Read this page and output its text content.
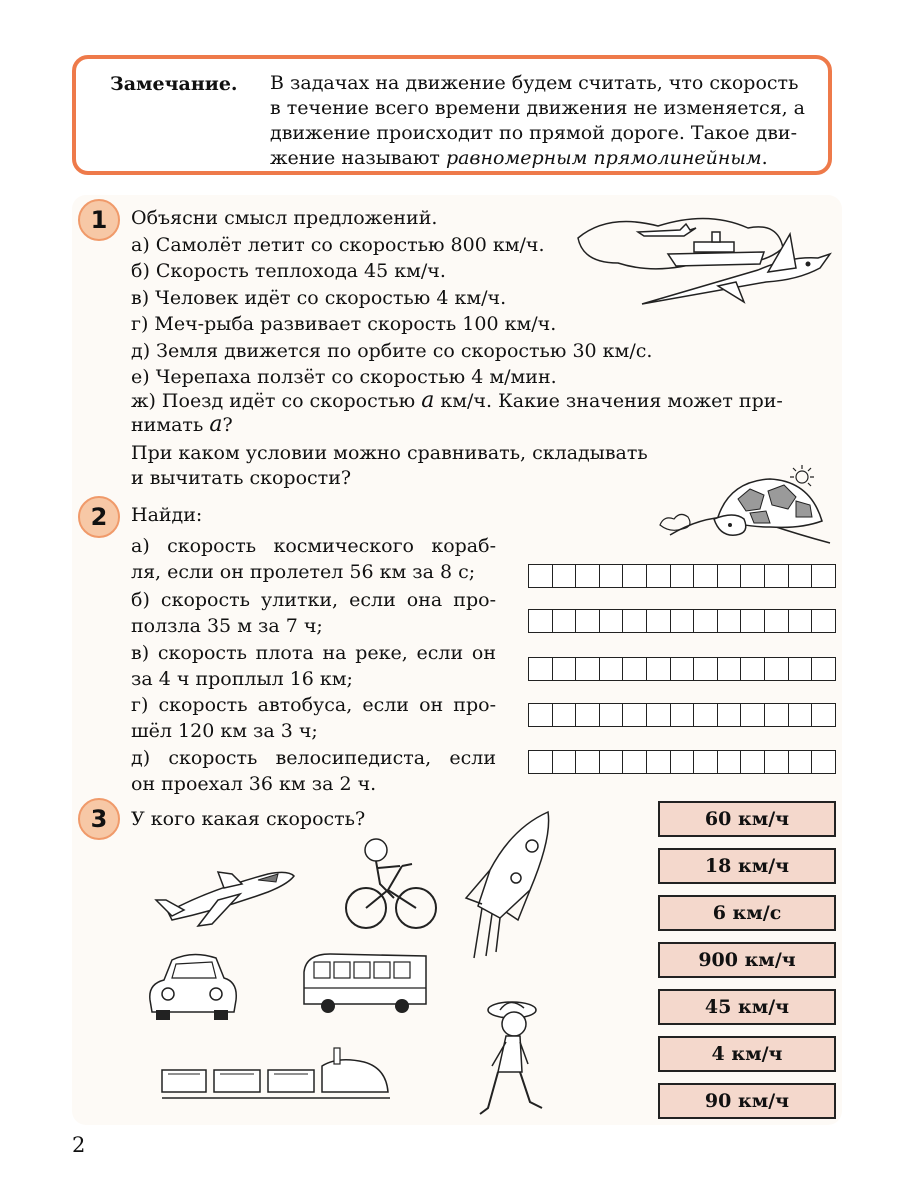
Замечание. В задачах на движение будем считать, что скорость
в течение всего времени движения не изменяется, а
движение происходит по прямой дороге. Такое дви-
жение называют равномерным прямолинейным.
1	Объясни смысл предложений.
а) Самолёт летит со скоростью 800 км/ч.
б) Скорость теплохода 45 км/ч.
в) Человек идёт со скоростью 4 км/ч.
г) Меч-рыба развивает скорость 100 км/ч.
д) Земля движется по орбите со скоростью 30 км/с.
е) Черепаха ползёт со скоростью 4 м/мин.
ж) Поезд идёт со скоростью a км/ч. Какие значения может при-
нимать a?
При каком условии можно сравнивать, складывать
и вычитать скорости?
2	Найди:
а) скорость космического кораб-
ля, если он пролетел 56 км за 8 с;
б) скорость улитки, если она про-
ползла 35 м за 7 ч;
в) скорость плота на реке, если он
за 4 ч проплыл 16 км;
г) скорость автобуса, если он про-
шёл 120 км за 3 ч;
д) скорость велосипедиста, если
он проехал 36 км за 2 ч.
3	У кого какая скорость?	60 км/ч
18 км/ч
6 км/с
900 км/ч
45 км/ч
4 км/ч
90 км/ч
2
